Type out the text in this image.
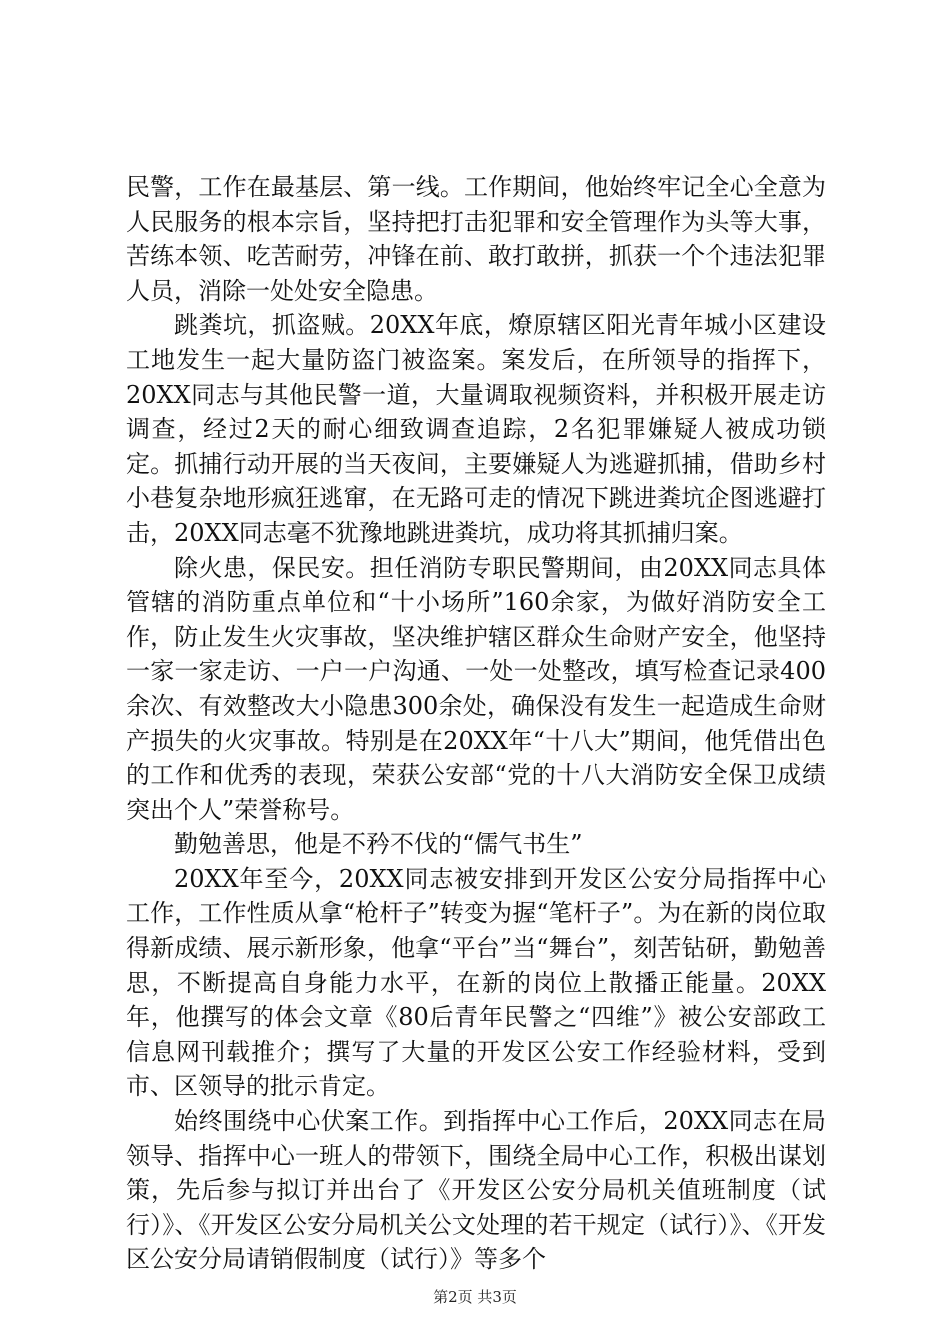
民警，工作在最基层、第一线。工作期间，他始终牢记全心全意为人民服务的根本宗旨，坚持把打击犯罪和安全管理作为头等大事，苦练本领、吃苦耐劳，冲锋在前、敢打敢拼，抓获一个个违法犯罪人员，消除一处处安全隐患。

跳粪坑，抓盗贼。20XX年底，燎原辖区阳光青年城小区建设工地发生一起大量防盗门被盗案。案发后，在所领导的指挥下，20XX同志与其他民警一道，大量调取视频资料，并积极开展走访调查，经过2天的耐心细致调查追踪，2名犯罪嫌疑人被成功锁定。抓捕行动开展的当天夜间，主要嫌疑人为逃避抓捕，借助乡村小巷复杂地形疯狂逃窜，在无路可走的情况下跳进粪坑企图逃避打击，20XX同志毫不犹豫地跳进粪坑，成功将其抓捕归案。

除火患，保民安。担任消防专职民警期间，由20XX同志具体管辖的消防重点单位和“十小场所”160余家，为做好消防安全工作，防止发生火灾事故，坚决维护辖区群众生命财产安全，他坚持一家一家走访、一户一户沟通、一处一处整改，填写检查记录400余次、有效整改大小隐患300余处，确保没有发生一起造成生命财产损失的火灾事故。特别是在20XX年“十八大”期间，他凭借出色的工作和优秀的表现，荣获公安部“党的十八大消防安全保卫成绩突出个人”荣誉称号。

勤勉善思，他是不矜不伐的“儒气书生”

20XX年至今，20XX同志被安排到开发区公安分局指挥中心工作，工作性质从拿“枪杆子”转变为握“笔杆子”。为在新的岗位取得新成绩、展示新形象，他拿“平台”当“舞台”，刻苦钻研，勤勉善思，不断提高自身能力水平，在新的岗位上散播正能量。20XX年，他撰写的体会文章《80后青年民警之“四维”》被公安部政工信息网刊载推介；撰写了大量的开发区公安工作经验材料，受到市、区领导的批示肯定。

始终围绕中心伏案工作。到指挥中心工作后，20XX同志在局领导、指挥中心一班人的带领下，围绕全局中心工作，积极出谋划策，先后参与拟订并出台了《开发区公安分局机关值班制度（试行）》、《开发区公安分局机关公文处理的若干规定（试行）》、《开发区公安分局请销假制度（试行）》等多个

第2页 共3页
